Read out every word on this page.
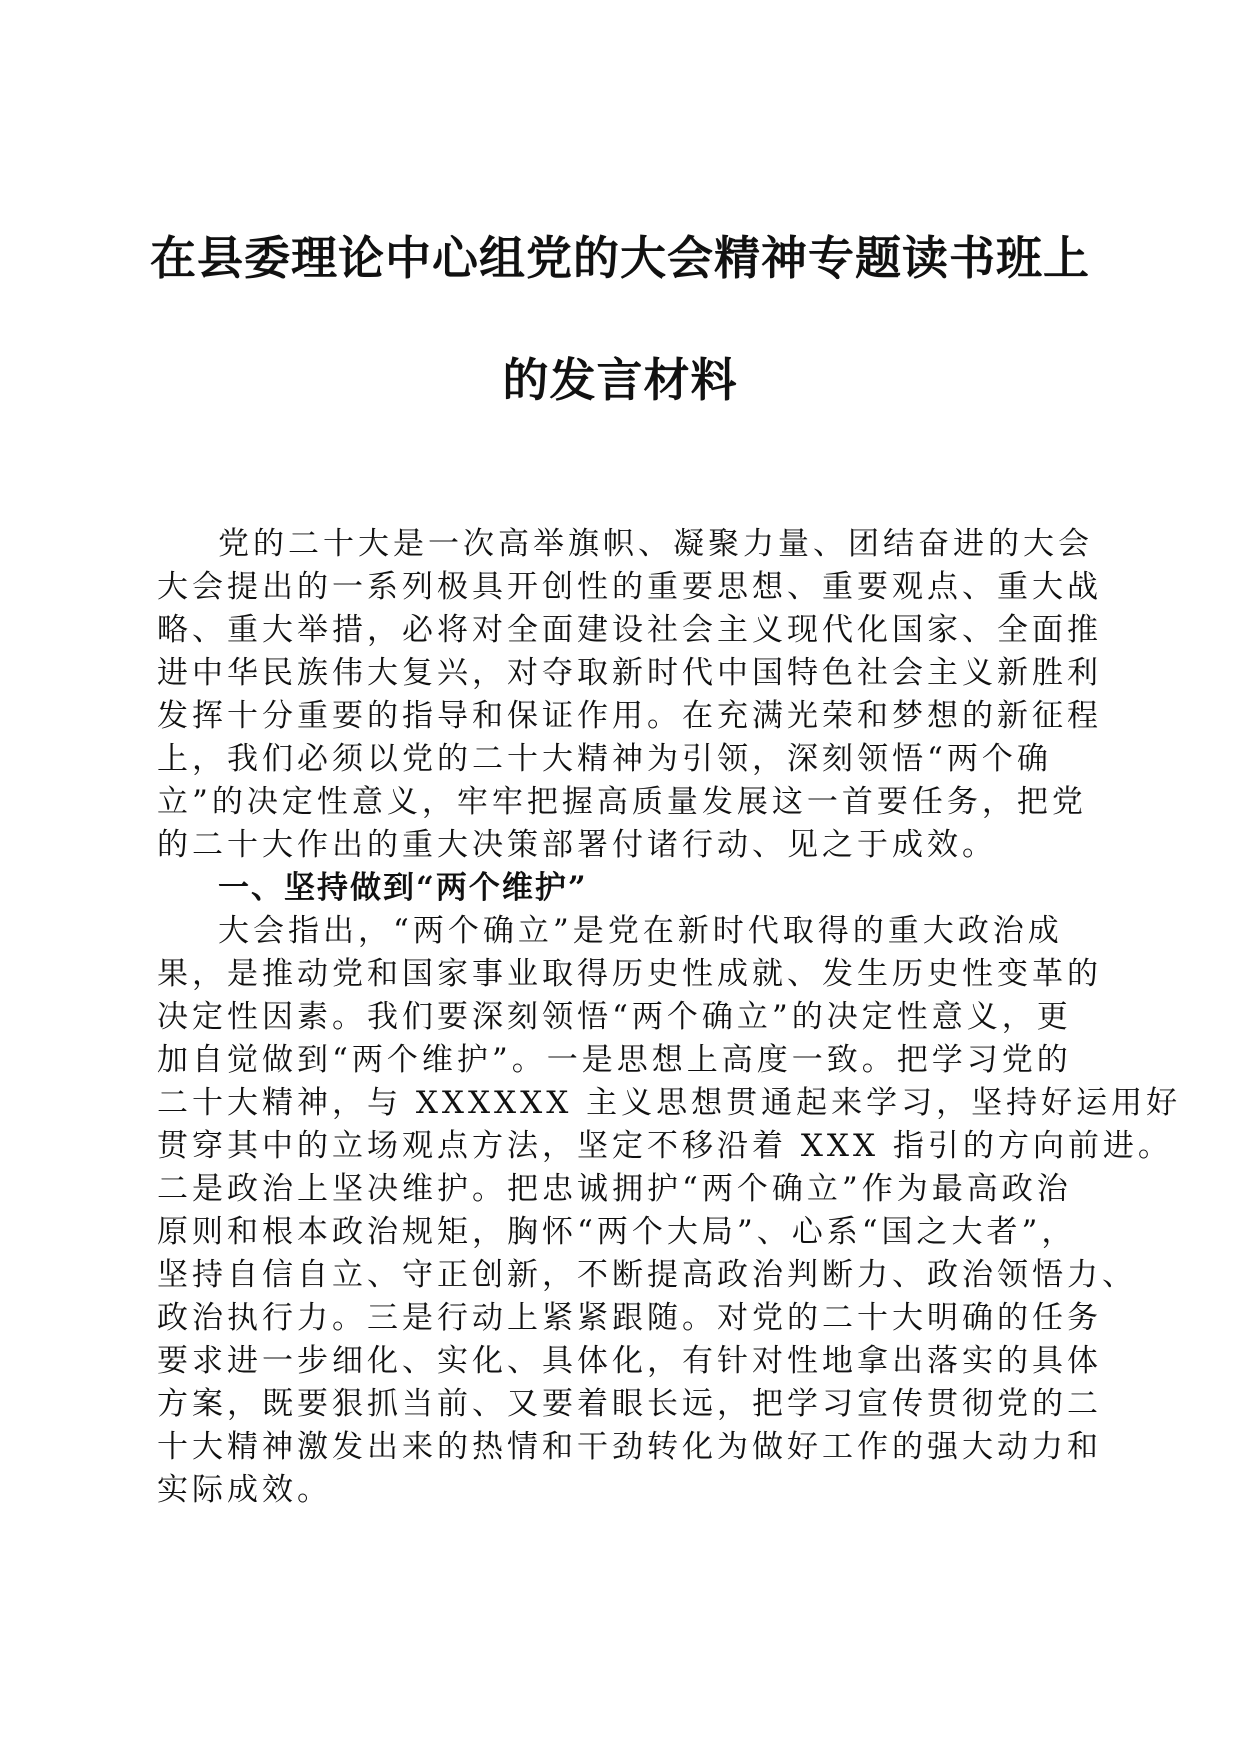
在县委理论中心组党的大会精神专题读书班上
的发言材料
党的二十大是一次高举旗帜、凝聚力量、团结奋进的大会
大会提出的一系列极具开创性的重要思想、重要观点、重大战
略、重大举措，必将对全面建设社会主义现代化国家、全面推
进中华民族伟大复兴，对夺取新时代中国特色社会主义新胜利
发挥十分重要的指导和保证作用。在充满光荣和梦想的新征程
上，我们必须以党的二十大精神为引领，深刻领悟“两个确
立”的决定性意义，牢牢把握高质量发展这一首要任务，把党
的二十大作出的重大决策部署付诸行动、见之于成效。
一、坚持做到“两个维护”
大会指出，“两个确立”是党在新时代取得的重大政治成
果，是推动党和国家事业取得历史性成就、发生历史性变革的
决定性因素。我们要深刻领悟“两个确立”的决定性意义，更
加自觉做到“两个维护”。一是思想上高度一致。把学习党的
二十大精神，与 XXXXXX 主义思想贯通起来学习，坚持好运用好
贯穿其中的立场观点方法，坚定不移沿着 XXX 指引的方向前进。
二是政治上坚决维护。把忠诚拥护“两个确立”作为最高政治
原则和根本政治规矩，胸怀“两个大局”、心系“国之大者”，
坚持自信自立、守正创新，不断提高政治判断力、政治领悟力、
政治执行力。三是行动上紧紧跟随。对党的二十大明确的任务
要求进一步细化、实化、具体化，有针对性地拿出落实的具体
方案，既要狠抓当前、又要着眼长远，把学习宣传贯彻党的二
十大精神激发出来的热情和干劲转化为做好工作的强大动力和
实际成效。
